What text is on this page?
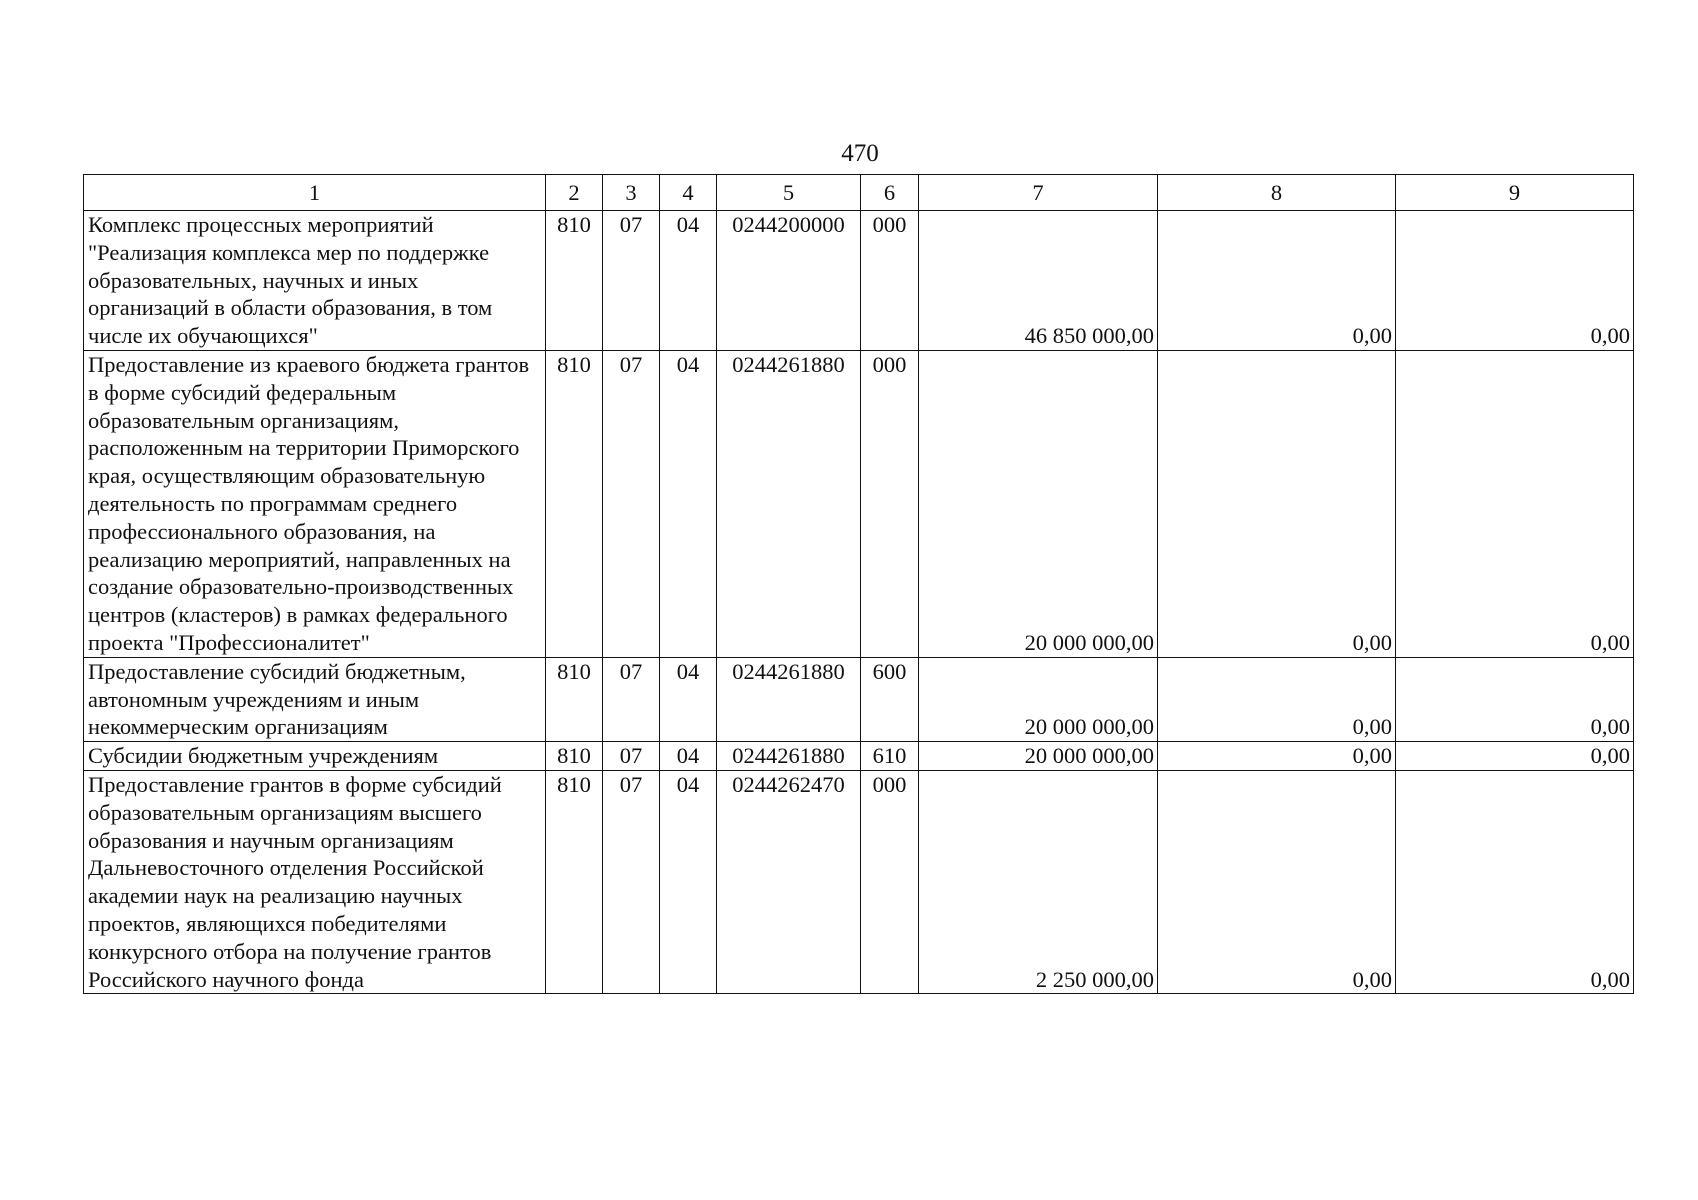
470
1	2	3	4	5	6	7	8	9
Комплекс процессных мероприятий "Реализация комплекса мер по поддержке образовательных, научных и иных организаций в области образования, в том числе их обучающихся"	810	07	04	0244200000	000	46 850 000,00	0,00	0,00
Предоставление из краевого бюджета грантов в форме субсидий федеральным образовательным организациям, расположенным на территории Приморского края, осуществляющим образовательную деятельность по программам среднего профессионального образования, на реализацию мероприятий, направленных на создание образовательно-производственных центров (кластеров) в рамках федерального проекта "Профессионалитет"	810	07	04	0244261880	000	20 000 000,00	0,00	0,00
Предоставление субсидий бюджетным, автономным учреждениям и иным некоммерческим организациям	810	07	04	0244261880	600	20 000 000,00	0,00	0,00
Субсидии бюджетным учреждениям	810	07	04	0244261880	610	20 000 000,00	0,00	0,00
Предоставление грантов в форме субсидий образовательным организациям высшего образования и научным организациям Дальневосточного отделения Российской академии наук на реализацию научных проектов, являющихся победителями конкурсного отбора на получение грантов Российского научного фонда	810	07	04	0244262470	000	2 250 000,00	0,00	0,00
